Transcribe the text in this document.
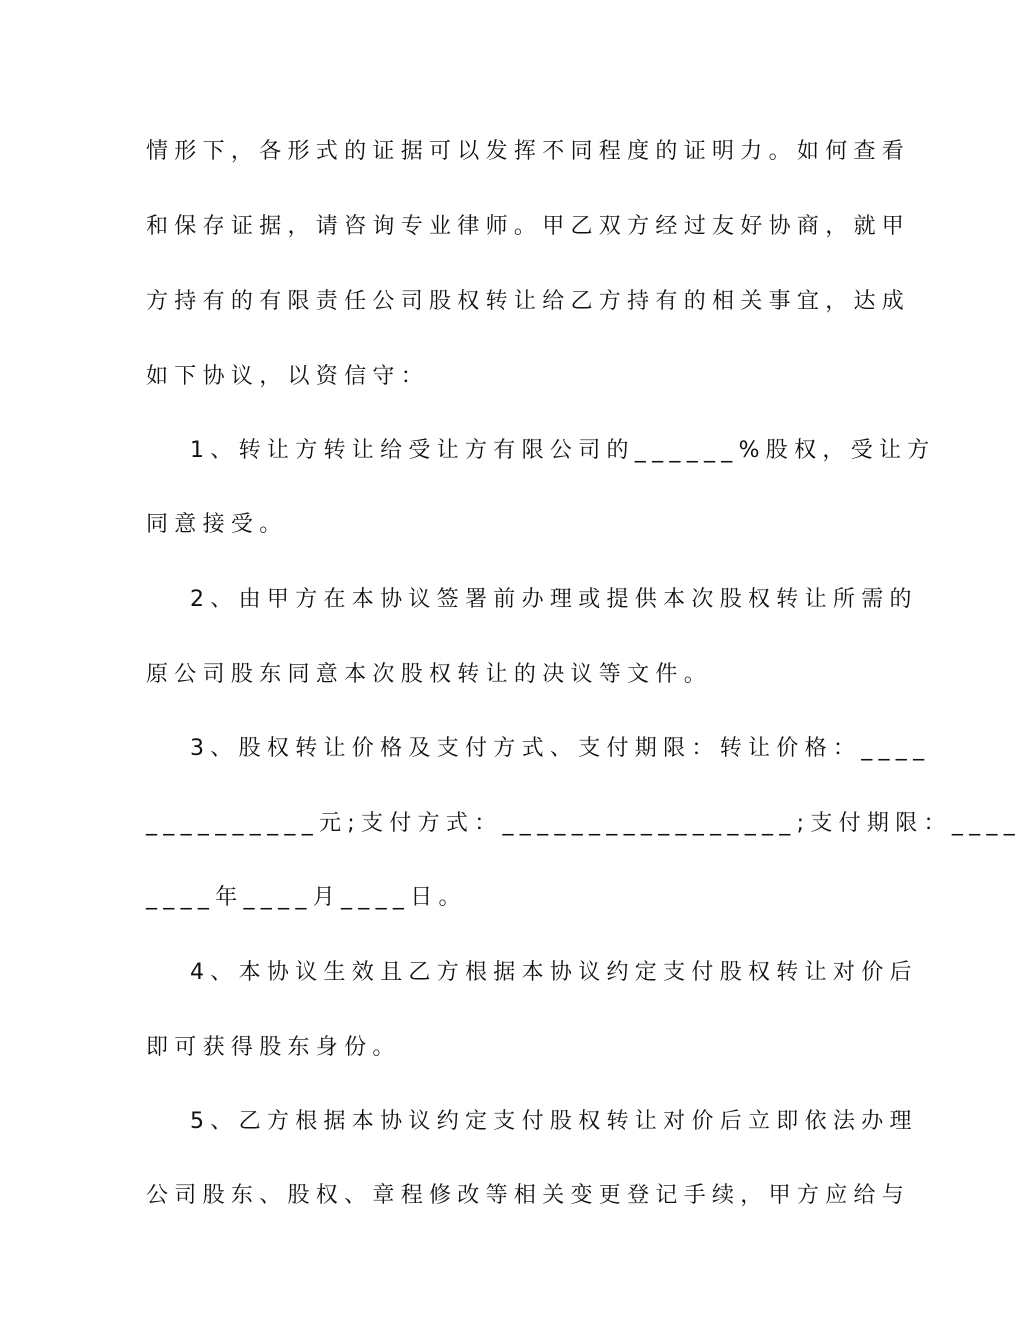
情形下，各形式的证据可以发挥不同程度的证明力。如何查看
和保存证据，请咨询专业律师。甲乙双方经过友好协商，就甲
方持有的有限责任公司股权转让给乙方持有的相关事宜，达成
如下协议，以资信守：
1、转让方转让给受让方有限公司的______%股权，受让方
同意接受。
2、由甲方在本协议签署前办理或提供本次股权转让所需的
原公司股东同意本次股权转让的决议等文件。
3、股权转让价格及支付方式、支付期限：转让价格：____
__________元;支付方式：_________________;支付期限：____
____年____月____日。
4、本协议生效且乙方根据本协议约定支付股权转让对价后
即可获得股东身份。
5、乙方根据本协议约定支付股权转让对价后立即依法办理
公司股东、股权、章程修改等相关变更登记手续，甲方应给与
